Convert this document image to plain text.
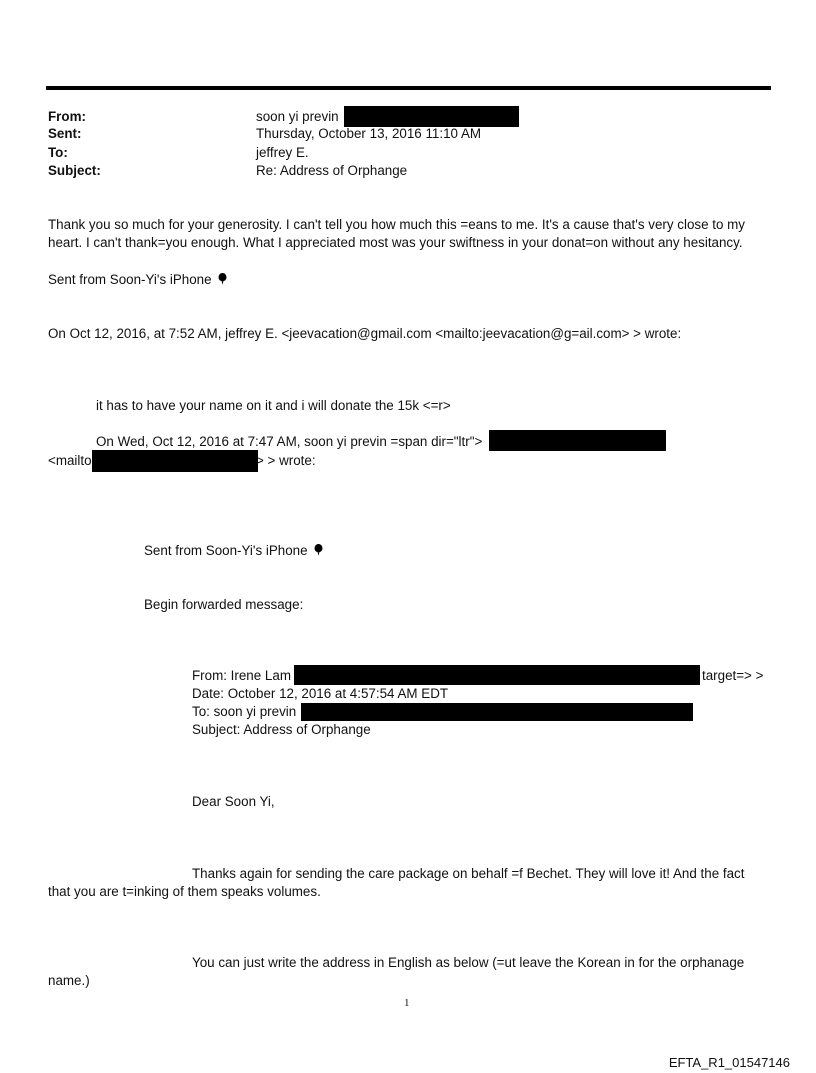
From:	soon yi previn
Sent:	Thursday, October 13, 2016 11:10 AM
To:	jeffrey E.
Subject:	Re: Address of Orphange
Thank you so much for your generosity. I can't tell you how much this =eans to me. It's a cause that's very close to my
heart. I can't thank=you enough. What I appreciated most was your swiftness in your donat=on without any hesitancy.
Sent from Soon-Yi's iPhone
On Oct 12, 2016, at 7:52 AM, jeffrey E. <jeevacation@gmail.com <mailto:jeevacation@g=ail.com> > wrote:
it has to have your name on it and i will donate the 15k <=r>
On Wed, Oct 12, 2016 at 7:47 AM, soon yi previn =span dir="ltr">
<mailto	> > wrote:
Sent from Soon-Yi's iPhone
Begin forwarded message:
From: Irene Lam	target=> >
Date: October 12, 2016 at 4:57:54 AM EDT
To: soon yi previn
Subject: Address of Orphange
Dear Soon Yi,
Thanks again for sending the care package on behalf =f Bechet. They will love it! And the fact
that you are t=inking of them speaks volumes.
You can just write the address in English as below (=ut leave the Korean in for the orphanage
name.)
1
EFTA_R1_01547146
